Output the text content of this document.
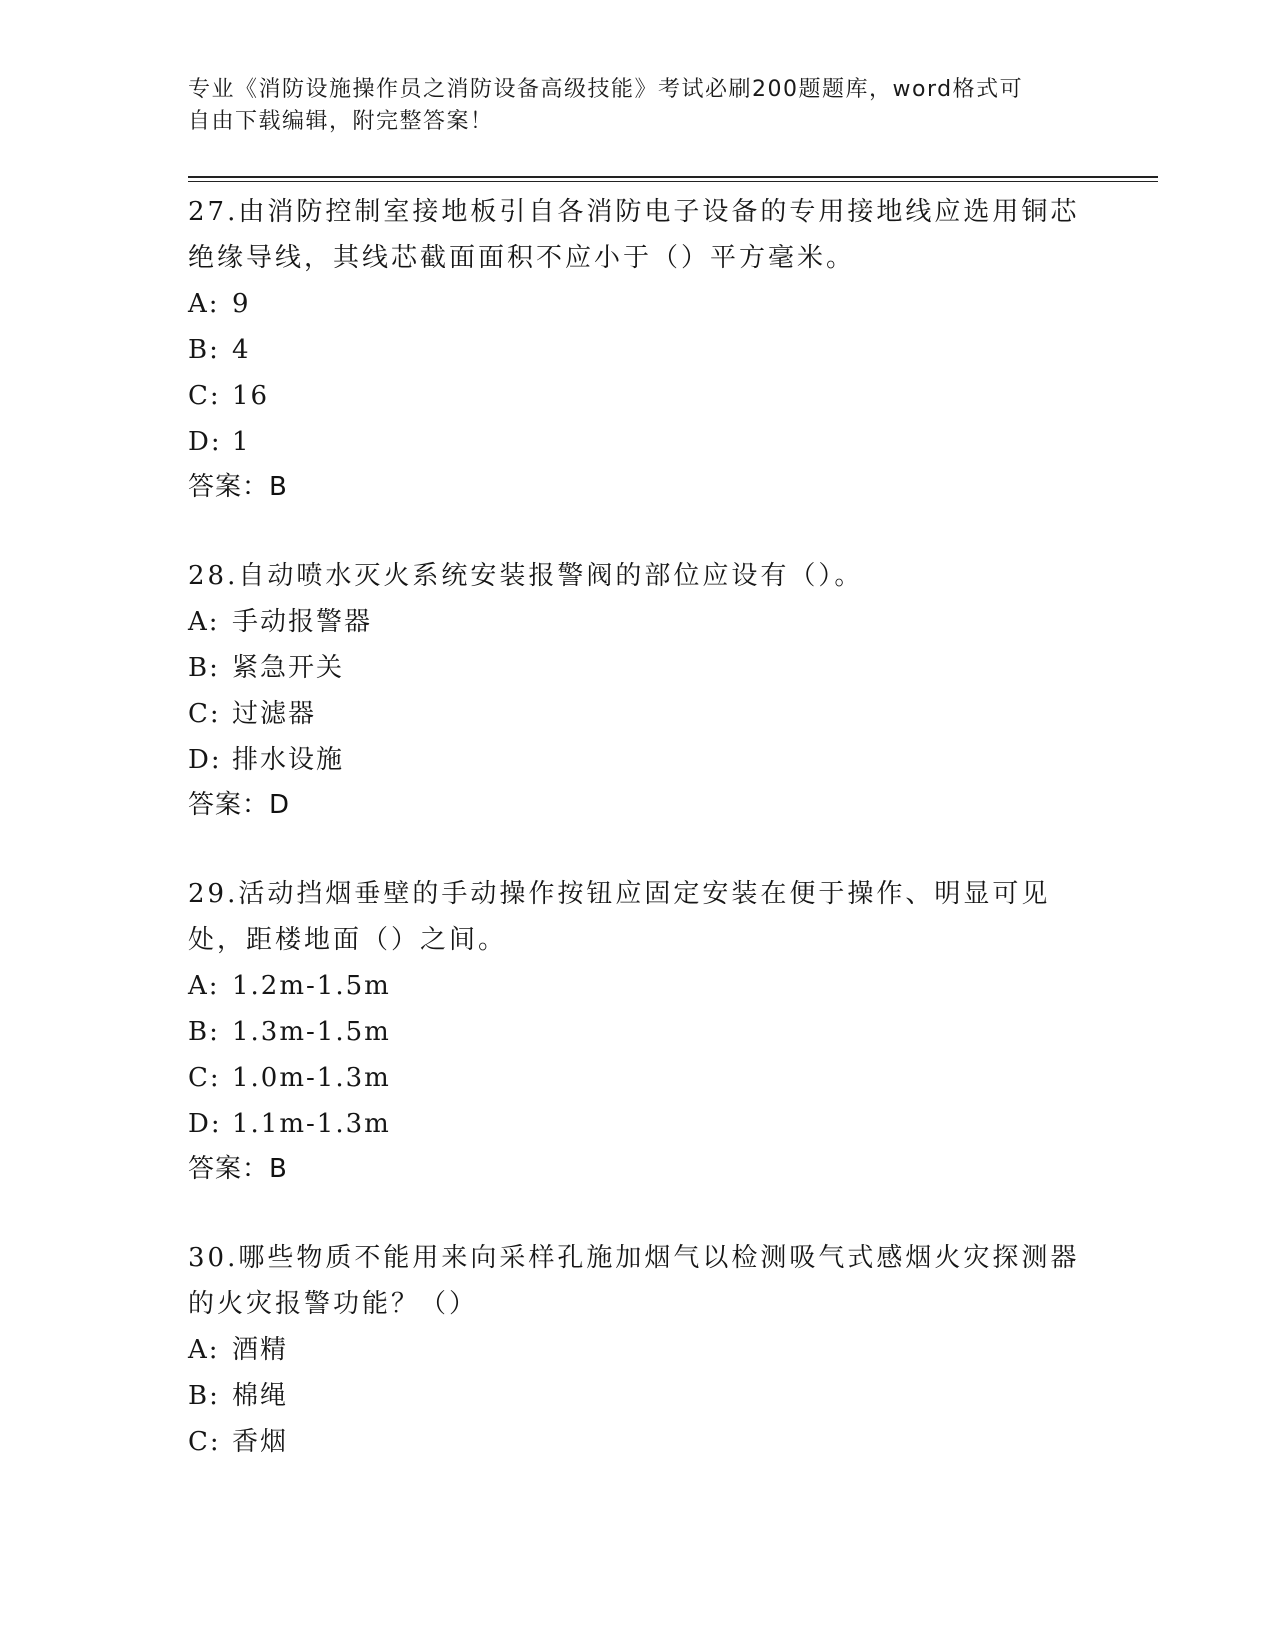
专业《消防设施操作员之消防设备高级技能》考试必刷200题题库，word格式可
自由下载编辑，附完整答案！

27.由消防控制室接地板引自各消防电子设备的专用接地线应选用铜芯绝缘导线，其线芯截面面积不应小于（）平方毫米。

A: 9
B: 4
C: 16
D: 1

答案：B

28.自动喷水灭火系统安装报警阀的部位应设有（）。

A: 手动报警器
B: 紧急开关
C: 过滤器
D: 排水设施

答案：D

29.活动挡烟垂壁的手动操作按钮应固定安装在便于操作、明显可见处，距楼地面（）之间。

A: 1.2m-1.5m
B: 1.3m-1.5m
C: 1.0m-1.3m
D: 1.1m-1.3m

答案：B

30.哪些物质不能用来向采样孔施加烟气以检测吸气式感烟火灾探测器的火灾报警功能？（）

A: 酒精
B: 棉绳
C: 香烟
